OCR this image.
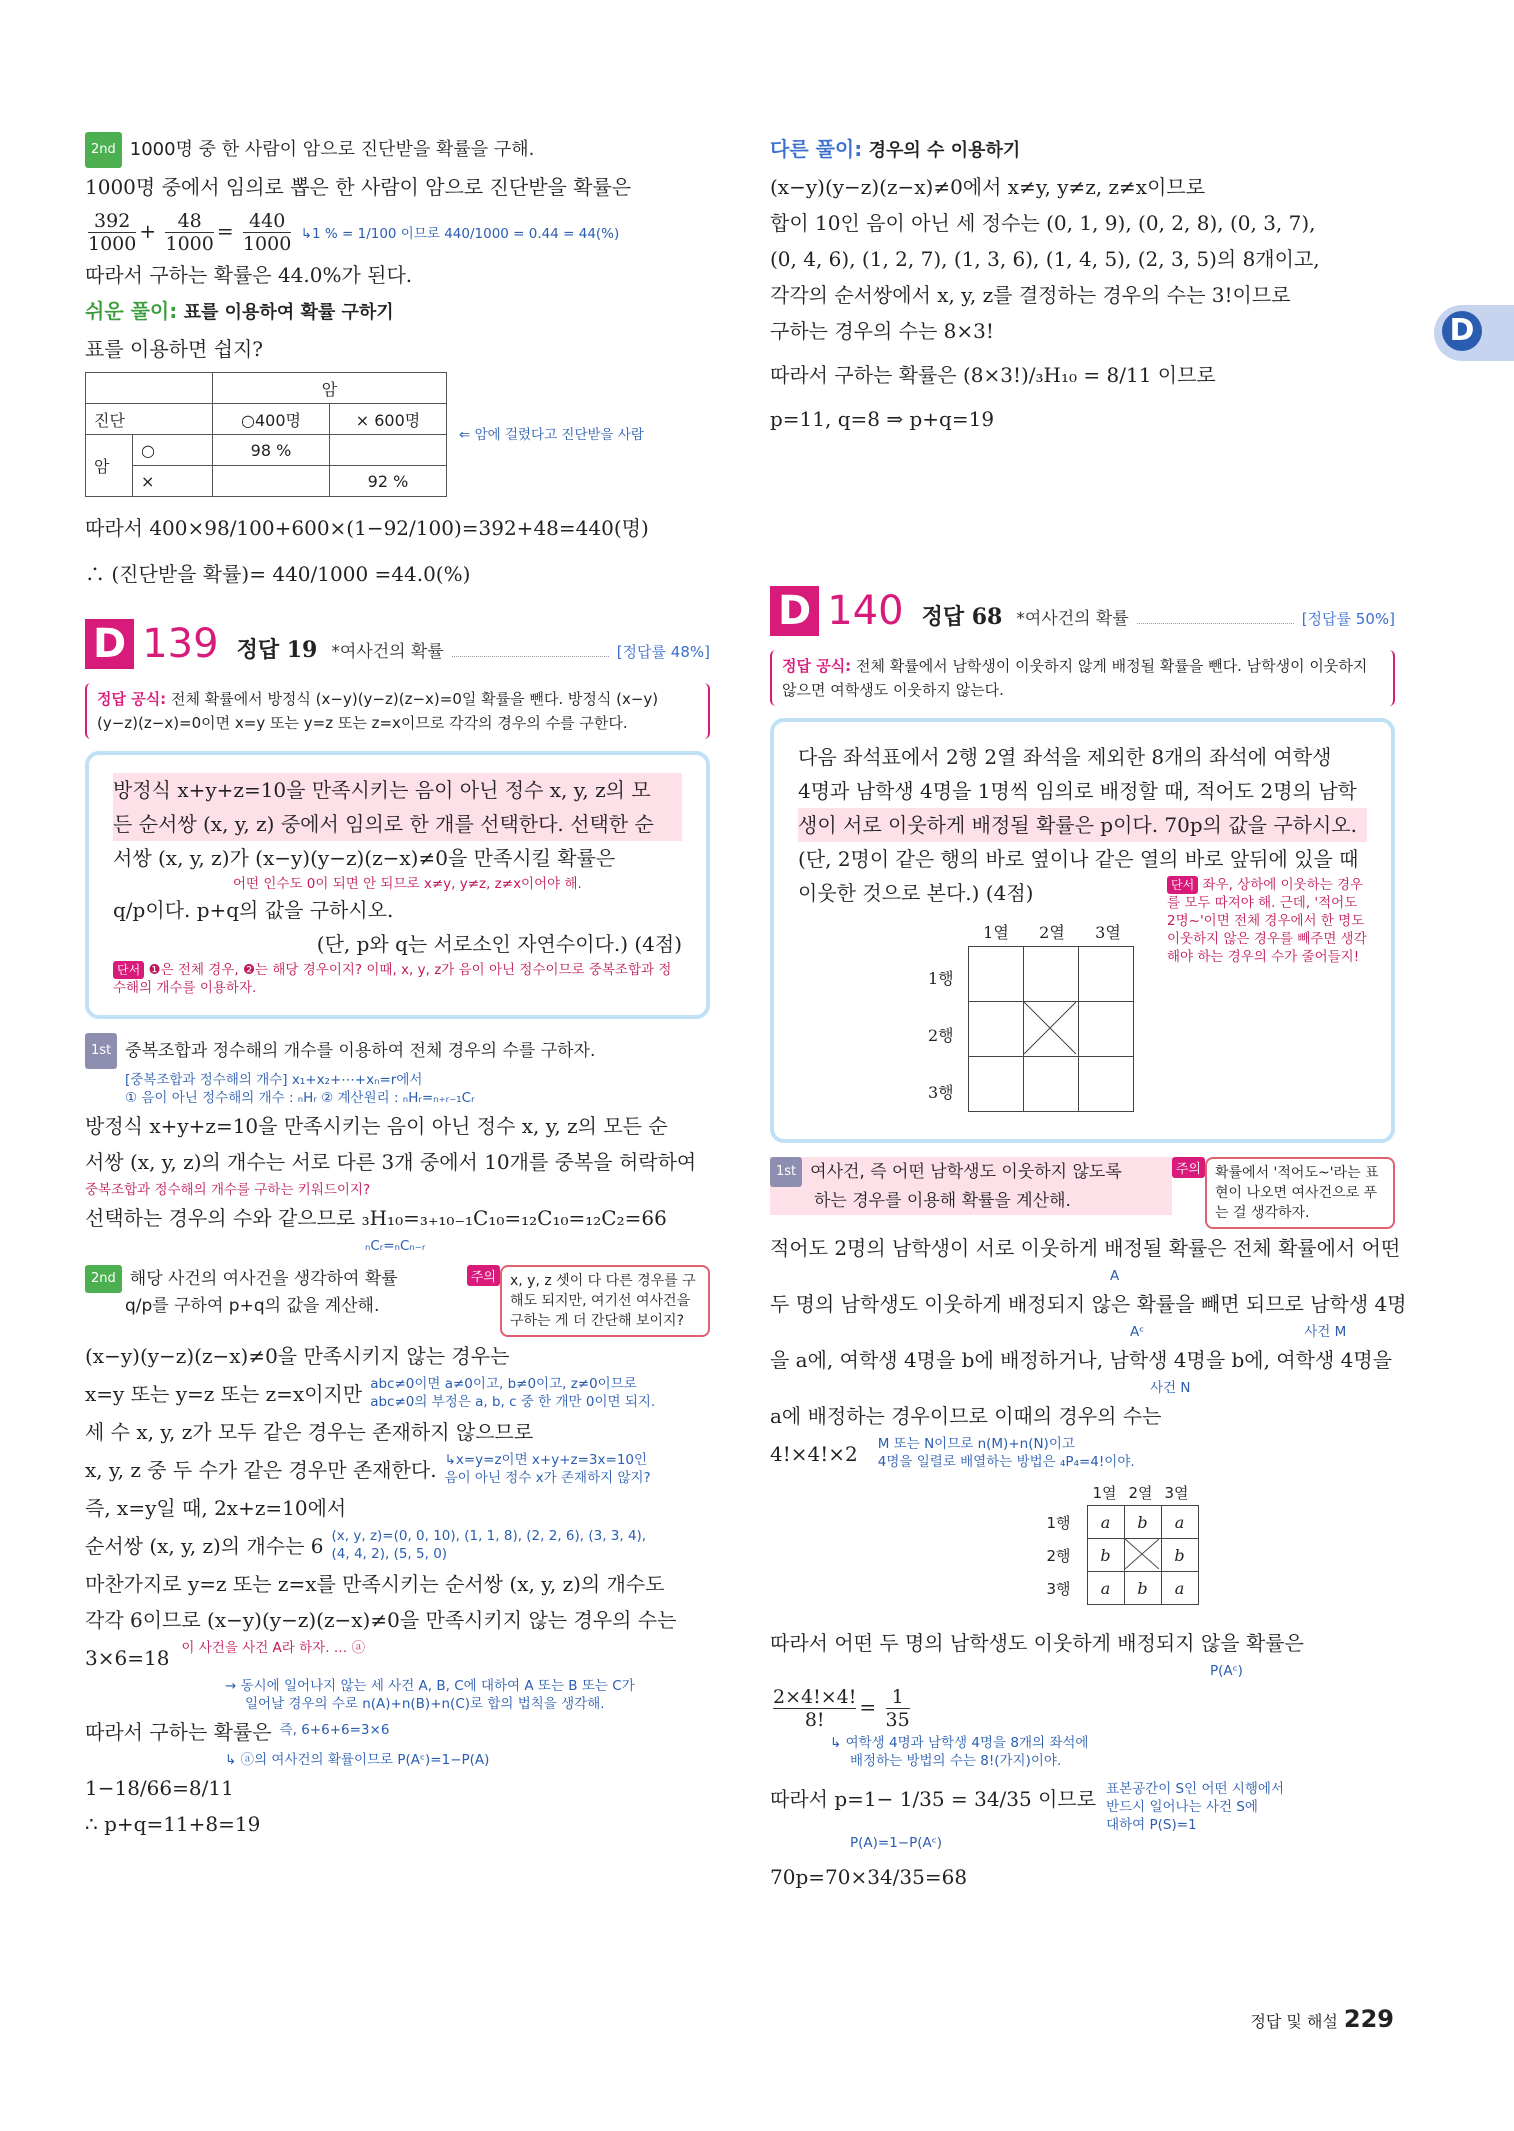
D
2nd 1000명 중 한 사람이 암으로 진단받을 확률을 구해.
1000명 중에서 임의로 뽑은 한 사람이 암으로 진단받을 확률은
$\frac{392}{1000} + \frac{48}{1000} = \frac{440}{1000}$ ↳1 % = 1/100 이므로 440/1000 = 0.44 = 44(%)
따라서 구하는 확률은 44.0%가 된다.
쉬운 풀이: 표를 이용하여 확률 구하기
표를 이용하면 쉽지?
		암	
진단		○400명	× 600명
암	○	98 %	
	×		92 %
⇐ 암에 걸렸다고 진단받을 사람
따라서 400×98/100+600×(1−92/100)=392+48=440(명)
∴ (진단받을 확률)= 440/1000 =44.0(%)
D 139 정답 19 *여사건의 확률	[정답률 48%]
정답 공식: 전체 확률에서 방정식 (x−y)(y−z)(z−x)=0일 확률을 뺀다. 방정식 (x−y)(y−z)(z−x)=0이면 x=y 또는 y=z 또는 z=x이므로 각각의 경우의 수를 구한다.
방정식 x+y+z=10을 만족시키는 음이 아닌 정수 x, y, z의 모
든 순서쌍 (x, y, z) 중에서 임의로 한 개를 선택한다. 선택한 순
서쌍 (x, y, z)가 (x−y)(y−z)(z−x)≠0을 만족시킬 확률은
어떤 인수도 0이 되면 안 되므로 x≠y, y≠z, z≠x이어야 해.
q/p이다. p+q의 값을 구하시오.
(단, p와 q는 서로소인 자연수이다.) (4점)
단서 ❶은 전체 경우, ❷는 해당 경우이지? 이때, x, y, z가 음이 아닌 정수이므로 중복조합과 정수해의 개수를 이용하자.
1st 중복조합과 정수해의 개수를 이용하여 전체 경우의 수를 구하자.
[중복조합과 정수해의 개수] x₁+x₂+⋯+xₙ=r에서
① 음이 아닌 정수해의 개수 : ₙHᵣ ② 계산원리 : ₙHᵣ=ₙ₊ᵣ₋₁Cᵣ
방정식 x+y+z=10을 만족시키는 음이 아닌 정수 x, y, z의 모든 순
서쌍 (x, y, z)의 개수는 서로 다른 3개 중에서 10개를 중복을 허락하여
중복조합과 정수해의 개수를 구하는 키워드이지?
선택하는 경우의 수와 같으므로 ₃H₁₀=₃₊₁₀₋₁C₁₀=₁₂C₁₀=₁₂C₂=66
ₙCᵣ=ₙCₙ₋ᵣ
2nd 해당 사건의 여사건을 생각하여 확률
q/p를 구하여 p+q의 값을 계산해.
주의	x, y, z 셋이 다 다른 경우를 구해도 되지만, 여기선 여사건을 구하는 게 더 간단해 보이지?
(x−y)(y−z)(z−x)≠0을 만족시키지 않는 경우는
x=y 또는 y=z 또는 z=x이지만 abc≠0이면 a≠0이고, b≠0이고, z≠0이므로
abc≠0의 부정은 a, b, c 중 한 개만 0이면 되지.
세 수 x, y, z가 모두 같은 경우는 존재하지 않으므로
x, y, z 중 두 수가 같은 경우만 존재한다. ↳x=y=z이면 x+y+z=3x=10인
음이 아닌 정수 x가 존재하지 않지?
즉, x=y일 때, 2x+z=10에서
순서쌍 (x, y, z)의 개수는 6 (x, y, z)=(0, 0, 10), (1, 1, 8), (2, 2, 6), (3, 3, 4),
(4, 4, 2), (5, 5, 0)
마찬가지로 y=z 또는 z=x를 만족시키는 순서쌍 (x, y, z)의 개수도
각각 6이므로 (x−y)(y−z)(z−x)≠0을 만족시키지 않는 경우의 수는
3×6=18 이 사건을 사건 A라 하자. … ⓐ
→ 동시에 일어나지 않는 세 사건 A, B, C에 대하여 A 또는 B 또는 C가
일어날 경우의 수로 n(A)+n(B)+n(C)로 합의 법칙을 생각해.
따라서 구하는 확률은 즉, 6+6+6=3×6
↳ ⓐ의 여사건의 확률이므로 P(Aᶜ)=1−P(A)
1−18/66=8/11
∴ p+q=11+8=19
다른 풀이: 경우의 수 이용하기
(x−y)(y−z)(z−x)≠0에서 x≠y, y≠z, z≠x이므로
합이 10인 음이 아닌 세 정수는 (0, 1, 9), (0, 2, 8), (0, 3, 7),
(0, 4, 6), (1, 2, 7), (1, 3, 6), (1, 4, 5), (2, 3, 5)의 8개이고,
각각의 순서쌍에서 x, y, z를 결정하는 경우의 수는 3!이므로
구하는 경우의 수는 8×3!
따라서 구하는 확률은 (8×3!)/₃H₁₀ = 8/11 이므로
p=11, q=8 ⇒ p+q=19
D 140 정답 68 *여사건의 확률	[정답률 50%]
정답 공식: 전체 확률에서 남학생이 이웃하지 않게 배정될 확률을 뺀다. 남학생이 이웃하지 않으면 여학생도 이웃하지 않는다.
다음 좌석표에서 2행 2열 좌석을 제외한 8개의 좌석에 여학생
4명과 남학생 4명을 1명씩 임의로 배정할 때, 적어도 2명의 남학
생이 서로 이웃하게 배정될 확률은 p이다. 70p의 값을 구하시오.
(단, 2명이 같은 행의 바로 옆이나 같은 열의 바로 앞뒤에 있을 때
이웃한 것으로 본다.) (4점)
1행
2행
3행
1열	2열	3열

단서 좌우, 상하에 이웃하는 경우를 모두 따져야 해. 근데, '적어도 2명~'이면 전체 경우에서 한 명도 이웃하지 않은 경우를 빼주면 생각해야 하는 경우의 수가 줄어들지!
1st 여사건, 즉 어떤 남학생도 이웃하지 않도록
하는 경우를 이용해 확률을 계산해.
주의	확률에서 '적어도~'라는 표현이 나오면 여사건으로 푸는 걸 생각하자.
적어도 2명의 남학생이 서로 이웃하게 배정될 확률은 전체 확률에서 어떤
A
두 명의 남학생도 이웃하게 배정되지 않은 확률을 빼면 되므로 남학생 4명
Aᶜ	사건 M
을 a에, 여학생 4명을 b에 배정하거나, 남학생 4명을 b에, 여학생 4명을
사건 N
a에 배정하는 경우이므로 이때의 경우의 수는
4!×4!×2 M 또는 N이므로 n(M)+n(N)이고
4명을 일렬로 배열하는 방법은 ₄P₄=4!이야.
1행
2행
3행
1열 2열 3열
a	b	a
b		b
a	b	a
따라서 어떤 두 명의 남학생도 이웃하게 배정되지 않을 확률은
P(Aᶜ)
$\frac{2\times 4!\times 4!}{8!} = \frac{1}{35}$
↳ 여학생 4명과 남학생 4명을 8개의 좌석에
배정하는 방법의 수는 8!(가지)이야.
따라서 p=1− 1/35 = 34/35 이므로 표본공간이 S인 어떤 시행에서
반드시 일어나는 사건 S에
대하여 P(S)=1
P(A)=1−P(Aᶜ)
70p=70×34/35=68
정답 및 해설 229
